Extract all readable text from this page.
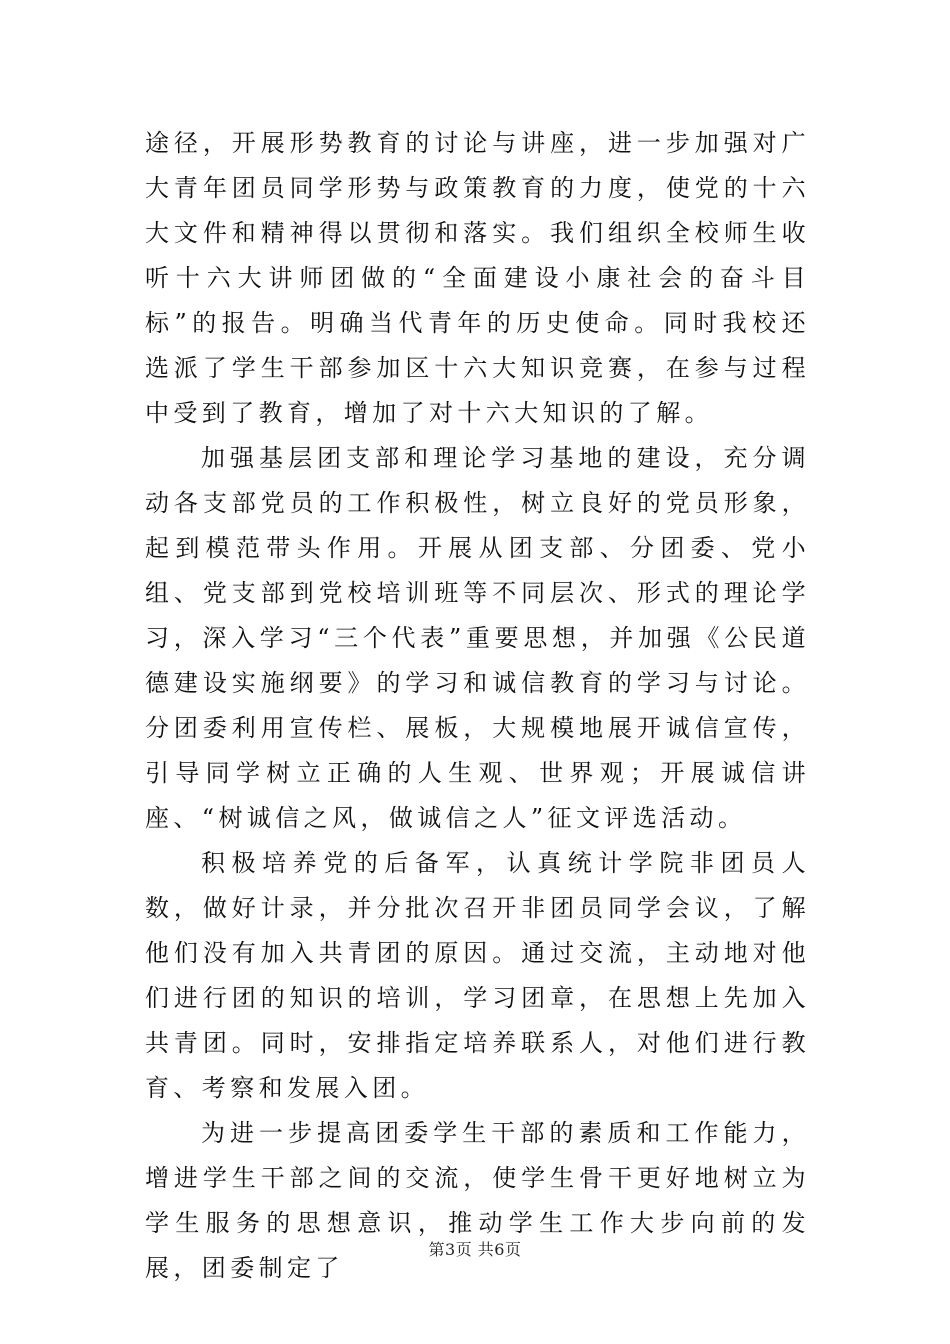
途径，开展形势教育的讨论与讲座，进一步加强对广大青年团员同学形势与政策教育的力度，使党的十六大文件和精神得以贯彻和落实。我们组织全校师生收听十六大讲师团做的“全面建设小康社会的奋斗目标”的报告。明确当代青年的历史使命。同时我校还选派了学生干部参加区十六大知识竞赛，在参与过程中受到了教育，增加了对十六大知识的了解。

加强基层团支部和理论学习基地的建设，充分调动各支部党员的工作积极性，树立良好的党员形象，起到模范带头作用。开展从团支部、分团委、党小组、党支部到党校培训班等不同层次、形式的理论学习，深入学习“三个代表”重要思想，并加强《公民道德建设实施纲要》的学习和诚信教育的学习与讨论。分团委利用宣传栏、展板，大规模地展开诚信宣传，引导同学树立正确的人生观、世界观；开展诚信讲座、“树诚信之风，做诚信之人”征文评选活动。

积极培养党的后备军，认真统计学院非团员人数，做好计录，并分批次召开非团员同学会议，了解他们没有加入共青团的原因。通过交流，主动地对他们进行团的知识的培训，学习团章，在思想上先加入共青团。同时，安排指定培养联系人，对他们进行教育、考察和发展入团。

为进一步提高团委学生干部的素质和工作能力，增进学生干部之间的交流，使学生骨干更好地树立为学生服务的思想意识，推动学生工作大步向前的发展，团委制定了

第3页 共6页
